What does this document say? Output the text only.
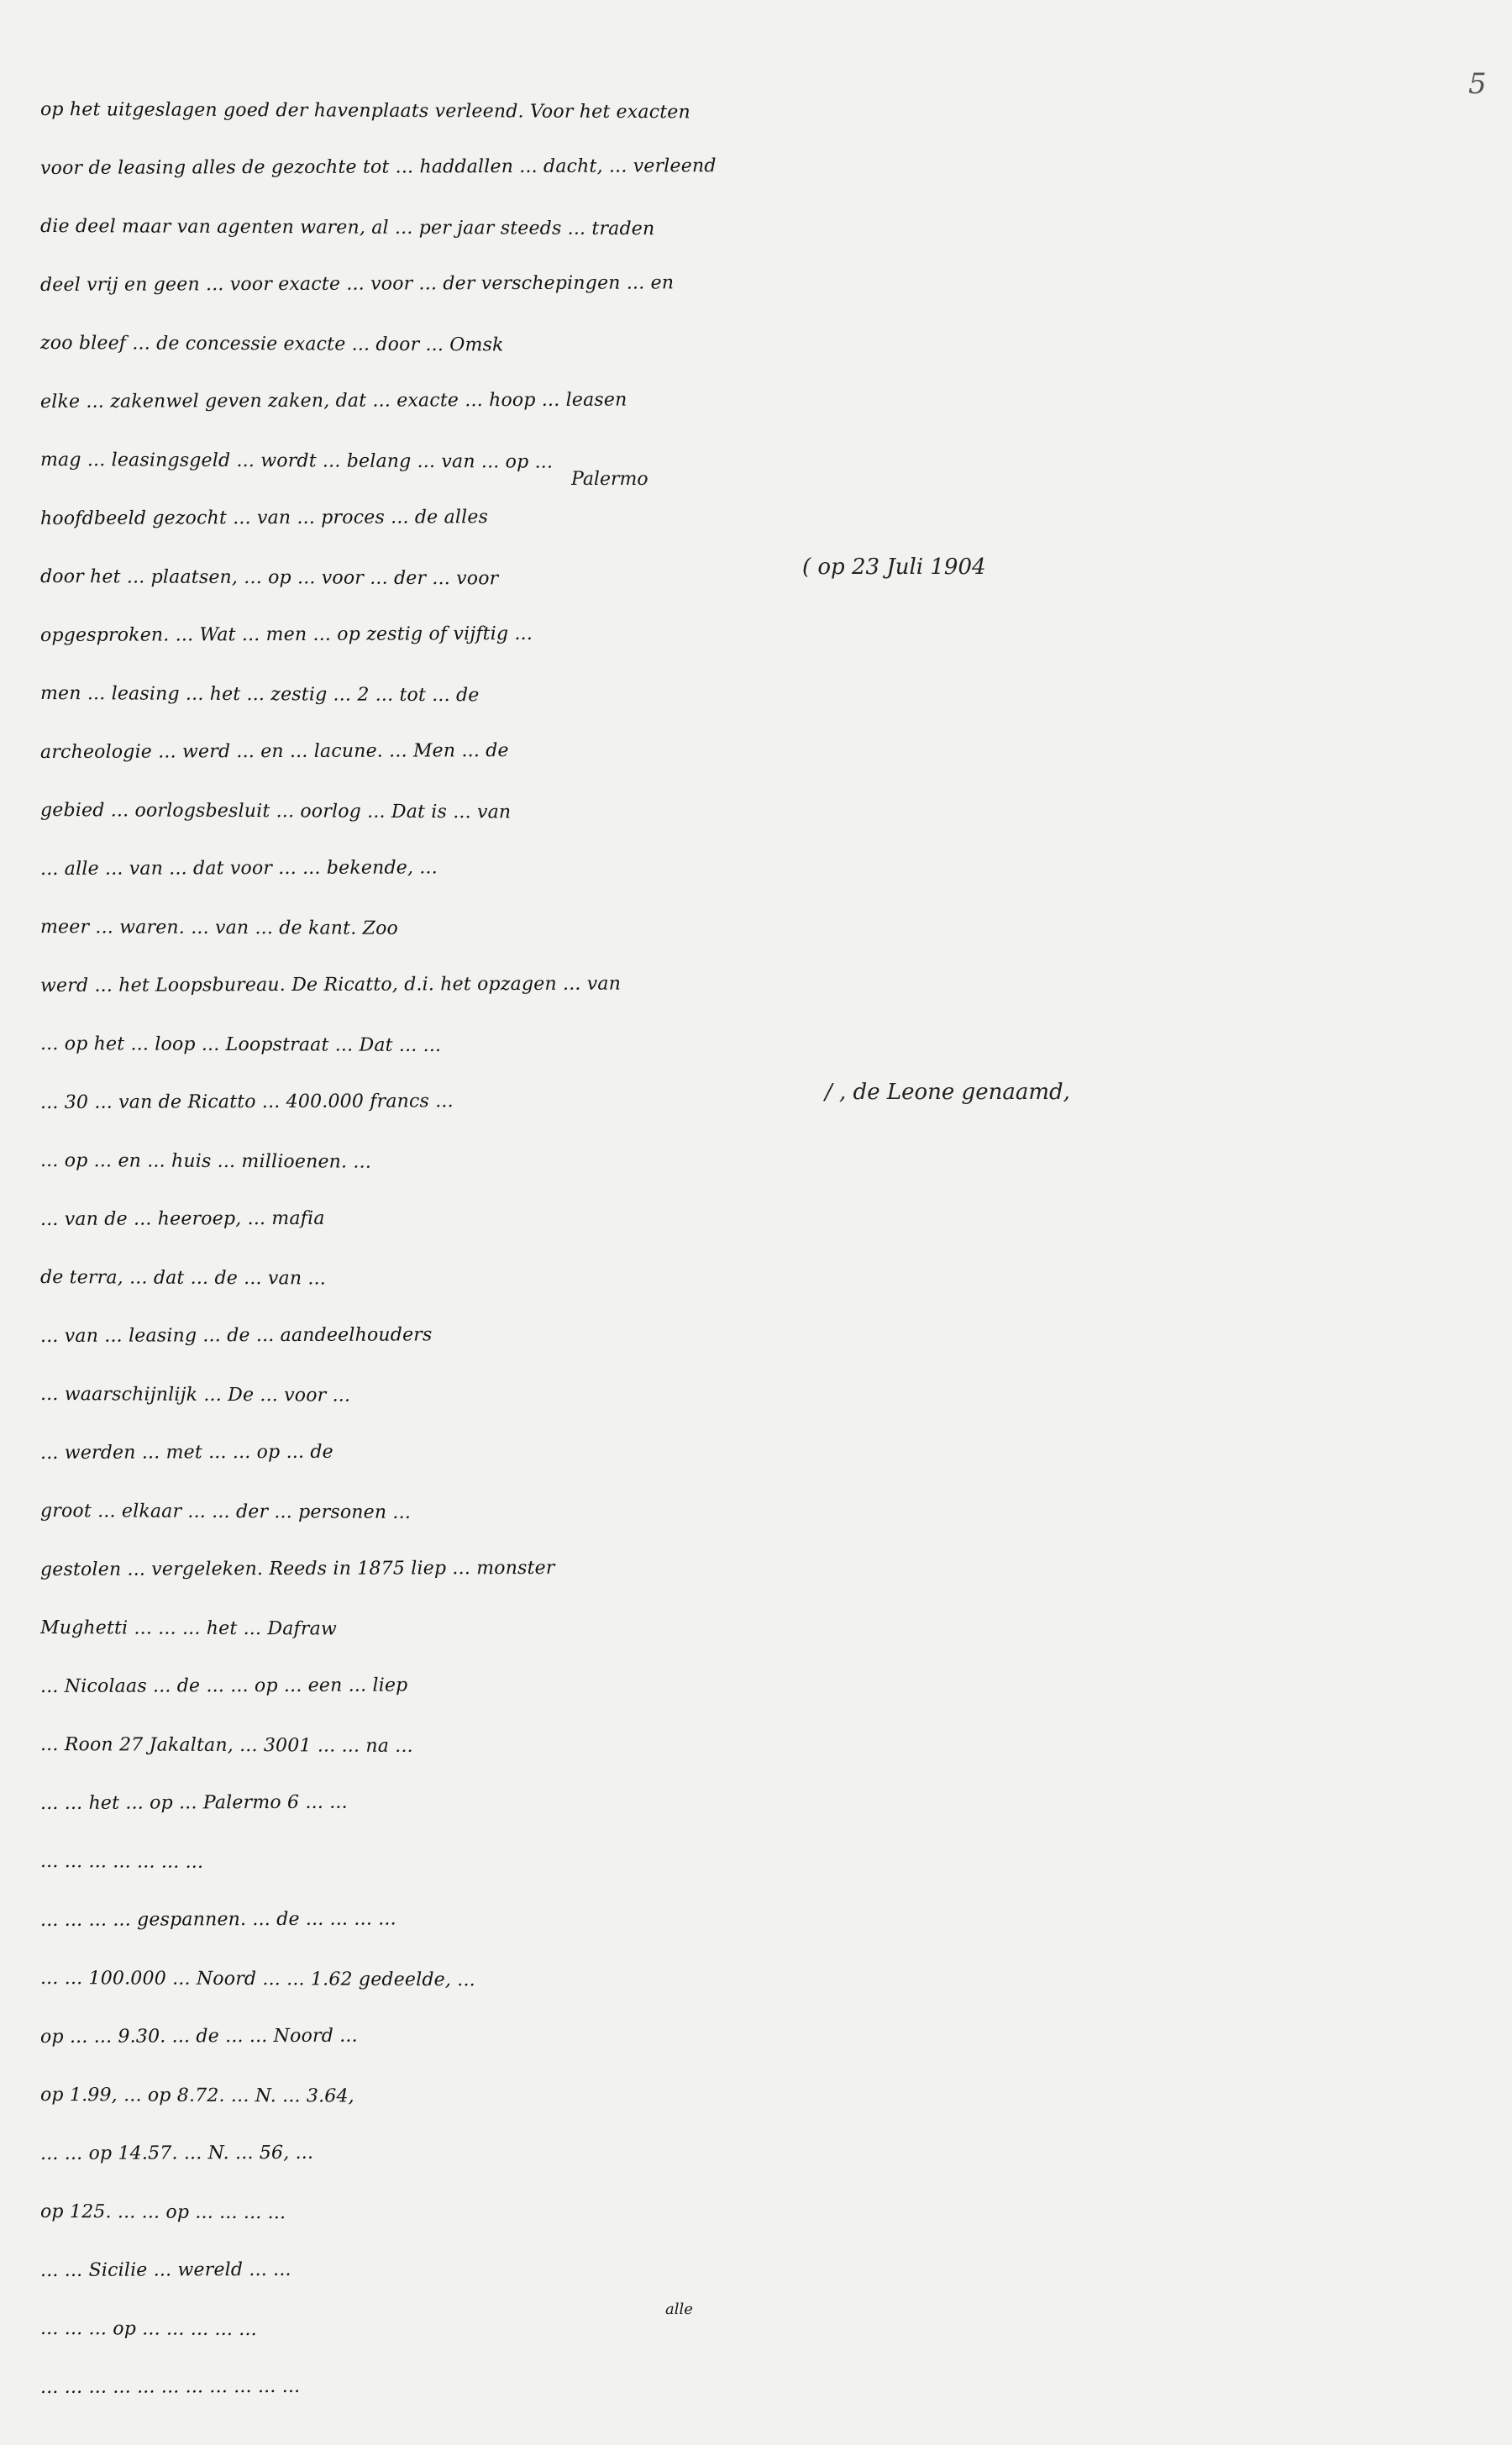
5
op het uitgeslagen goed der havenplaats verleend. Voor het exacten
voor de leasing alles de gezochte tot ... haddallen ... dacht, ... verleend
die deel maar van agenten waren, al ... per jaar steeds ... traden
deel vrij en geen ... voor exacte ... voor ... der verschepingen ... en
zoo bleef ... de concessie exacte ... door ... Omsk
elke ... zakenwel geven zaken, dat ... exacte ... hoop ... leasen
mag ... leasingsgeld ... wordt ... belang ... van ... op ...
hoofdbeeld gezocht ... van ... proces ... de alles
door het ... plaatsen, ... op ... voor ... der ... voor
opgesproken. ... Wat ... men ... op zestig of vijftig ...
men ... leasing ... het ... zestig ... 2 ... tot ... de
archeologie ... werd ... en ... lacune. ... Men ... de
gebied ... oorlogsbesluit ... oorlog ... Dat is ... van
... alle ... van ... dat voor ... ... bekende, ...
meer ... waren. ... van ... de kant. Zoo
werd ... het Loopsbureau. De Ricatto, d.i. het opzagen ... van
... op het ... loop ... Loopstraat ... Dat ... ...
... 30 ... van de Ricatto ... 400.000 francs ...
... op ... en ... huis ... millioenen. ...
... van de ... heeroep, ... mafia
de terra, ... dat ... de ... van ...
... van ... leasing ... de ... aandeelhouders
... waarschijnlijk ... De ... voor ...
... werden ... met ... ... op ... de
groot ... elkaar ... ... der ... personen ...
gestolen ... vergeleken. Reeds in 1875 liep ... monster
Mughetti ... ... ... het ... Dafraw
... Nicolaas ... de ... ... op ... een ... liep
... Roon 27 Jakaltan, ... 3001 ... ... na ...
... ... het ... op ... Palermo 6 ... ...
... ... ... ... ... ... ...
... ... ... ... gespannen. ... de ... ... ... ...
... ... 100.000 ... Noord ... ... 1.62 gedeelde, ...
op ... ... 9.30. ... de ... ... Noord ...
op 1.99, ... op 8.72. ... N. ... 3.64,
... ... op 14.57. ... N. ... 56, ...
op 125. ... ... op ... ... ... ...
... ... Sicilie ... wereld ... ...
... ... ... op ... ... ... ... ...
... ... ... ... ... ... ... ... ... ... ...
Palermo
alle
( op 23 Juli 1904
/ , de Leone genaamd,
